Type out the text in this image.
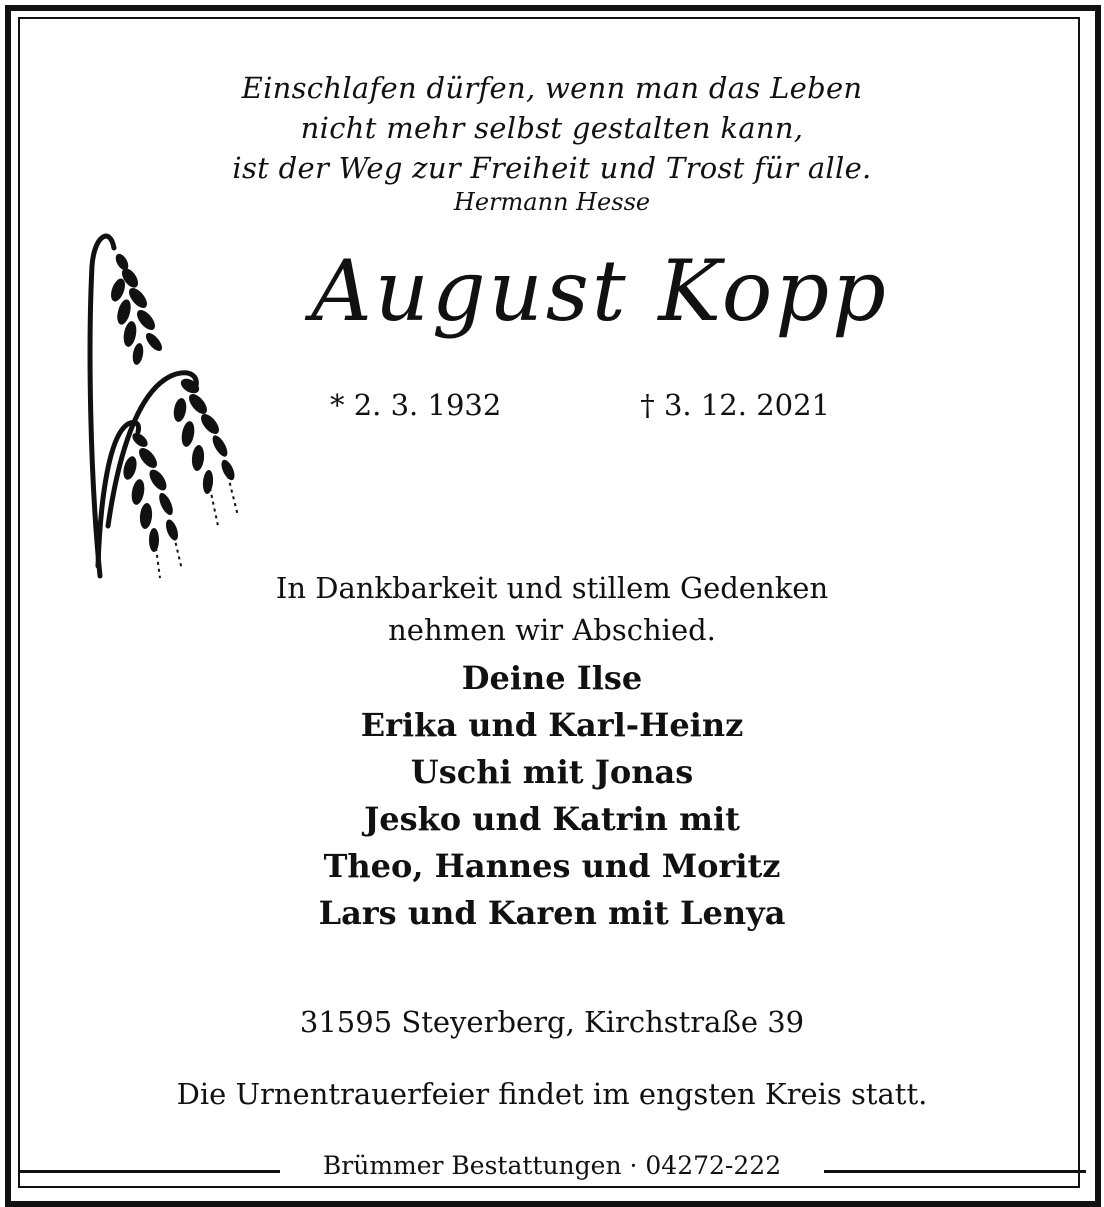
Einschlafen dürfen, wenn man das Leben
nicht mehr selbst gestalten kann,
ist der Weg zur Freiheit und Trost für alle.
Hermann Hesse
August Kopp
* 2. 3. 1932	† 3. 12. 2021
In Dankbarkeit und stillem Gedenken
nehmen wir Abschied.
Deine Ilse
Erika und Karl-Heinz
Uschi mit Jonas
Jesko und Katrin mit
Theo, Hannes und Moritz
Lars und Karen mit Lenya
31595 Steyerberg, Kirchstraße 39
Die Urnentrauerfeier findet im engsten Kreis statt.
Brümmer Bestattungen · 04272-222
